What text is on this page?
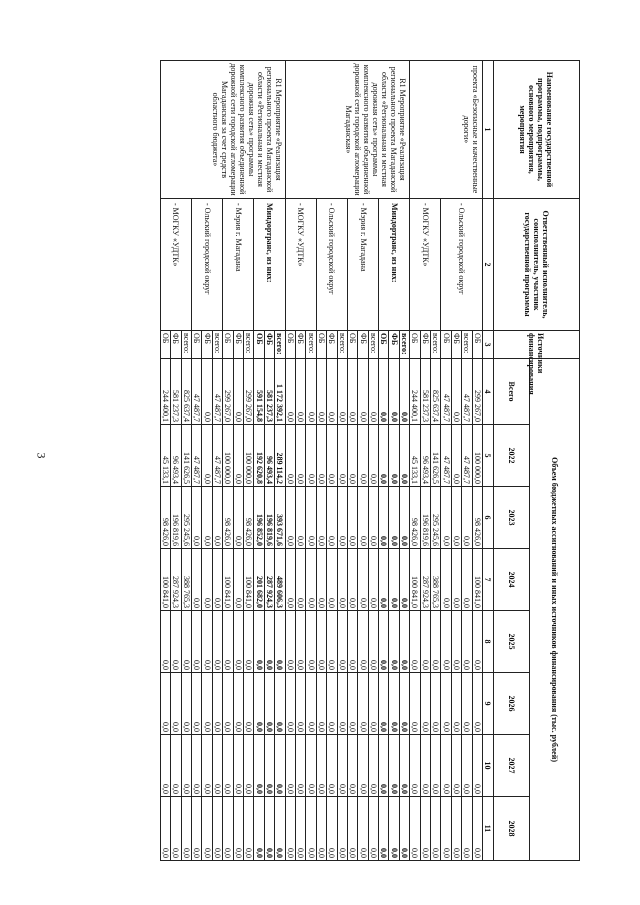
3
Наименование государственной программы, подпрограммы, основного мероприятия, мероприятия	Ответственный исполнитель, соисполнитель, участник государственной программы	Источники финансирования	Объем бюджетных ассигнований и иных источников финансирования (тыс. рублей)							
			Всего	2022	2023	2024	2025	2026	2027	2028
1	2	3	4	5	6	7	8	9	10	11
проекта «Безопасные и качественные дороги»	- Ольский городской округ	ОБ	299 267,0	100 000,0	98 426,0	100 841,0	0,0	0,0	0,0	0,0
		всего:	47 487,7	47 487,7	0,0	0,0	0,0	0,0	0,0	0,0
		ФБ	0,0	0,0	0,0	0,0	0,0	0,0	0,0	0,0
		ОБ	47 487,7	47 487,7	0,0	0,0	0,0	0,0	0,0	0,0
	- МОГКУ «УДТК»	всего:	825 637,4	141 626,5	295 245,6	388 765,3	0,0	0,0	0,0	0,0
		ФБ	581 237,3	96 493,4	196 819,6	287 924,3	0,0	0,0	0,0	0,0
		ОБ	244 400,1	45 133,1	98 426,0	100 841,0	0,0	0,0	0,0	0,0
R1 Мероприятие «Реализация регионального проекта Магаданской области «Региональная и местная дорожная сеть» программы комплексного развития объединенной дорожной сети городской агломерации Магаданская»	Миндортранс, из них:	всего:	0,0	0,0	0,0	0,0	0,0	0,0	0,0	0,0
		ФБ	0,0	0,0	0,0	0,0	0,0	0,0	0,0	0,0
		ОБ	0,0	0,0	0,0	0,0	0,0	0,0	0,0	0,0
	- Мэрия г. Магадана	всего:	0,0	0,0	0,0	0,0	0,0	0,0	0,0	0,0
		ФБ	0,0	0,0	0,0	0,0	0,0	0,0	0,0	0,0
		ОБ	0,0	0,0	0,0	0,0	0,0	0,0	0,0	0,0
	- Ольский городской округ	всего:	0,0	0,0	0,0	0,0	0,0	0,0	0,0	0,0
		ФБ	0,0	0,0	0,0	0,0	0,0	0,0	0,0	0,0
		ОБ	0,0	0,0	0,0	0,0	0,0	0,0	0,0	0,0
	- МОГКУ «УДТК»	всего:	0,0	0,0	0,0	0,0	0,0	0,0	0,0	0,0
		ФБ	0,0	0,0	0,0	0,0	0,0	0,0	0,0	0,0
		ОБ	0,0	0,0	0,0	0,0	0,0	0,0	0,0	0,0
R1 Мероприятие «Реализация регионального проекта Магаданской области «Региональная и местная дорожная сеть» программы комплексного развития объединенной дорожной сети городской агломерации Магаданская за счет средств областного бюджета»	Миндортранс, из них:	всего:	1 172 392,1	289 114,2	393 671,6	489 606,3	0,0	0,0	0,0	0,0
		ФБ	581 237,3	96 493,4	196 819,6	287 924,3	0,0	0,0	0,0	0,0
		ОБ	591 154,8	192 620,8	196 852,0	201 682,0	0,0	0,0	0,0	0,0
	- Мэрия г. Магадана	всего:	299 267,0	100 000,0	98 426,0	100 841,0	0,0	0,0	0,0	0,0
		ФБ	0,0	0,0	0,0	0,0	0,0	0,0	0,0	0,0
		ОБ	299 267,0	100 000,0	98 426,0	100 841,0	0,0	0,0	0,0	0,0
	- Ольский городской округ	всего:	47 487,7	47 487,7	0,0	0,0	0,0	0,0	0,0	0,0
		ФБ	0,0	0,0	0,0	0,0	0,0	0,0	0,0	0,0
		ОБ	47 487,7	47 487,7	0,0	0,0	0,0	0,0	0,0	0,0
	- МОГКУ «УДТК»	всего:	825 637,4	141 626,5	295 245,6	388 765,3	0,0	0,0	0,0	0,0
		ФБ	581 237,3	96 493,4	196 819,6	287 924,3	0,0	0,0	0,0	0,0
		ОБ	244 400,1	45 133,1	98 426,0	100 841,0	0,0	0,0	0,0	0,0
